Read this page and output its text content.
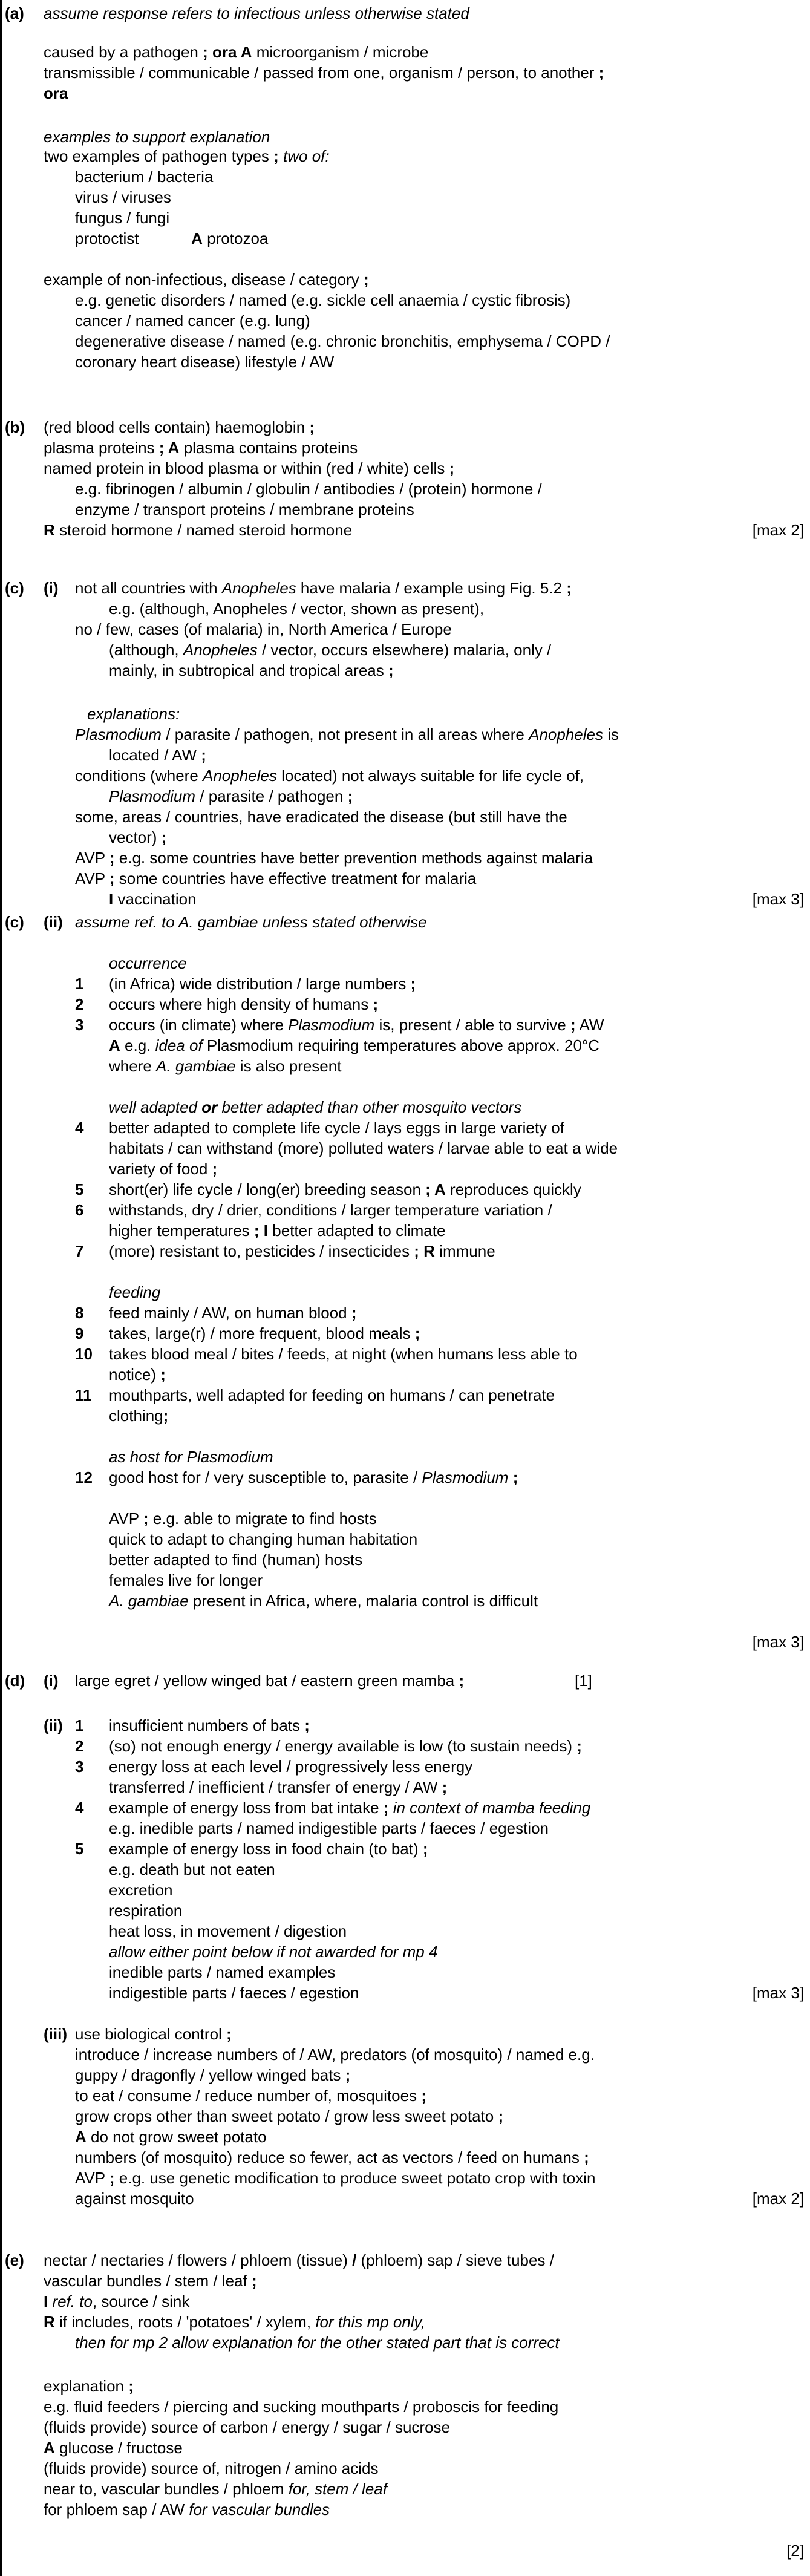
(a) assume response refers to infectious unless otherwise stated
caused by a pathogen ; ora A microorganism / microbe
transmissible / communicable / passed from one, organism / person, to another ;
ora
examples to support explanation
two examples of pathogen types ; two of:
bacterium / bacteria
virus / viruses
fungus / fungi
protoctist            A protozoa
example of non-infectious, disease / category ;
e.g. genetic disorders / named (e.g. sickle cell anaemia / cystic fibrosis)
cancer / named cancer (e.g. lung)
degenerative disease / named (e.g. chronic bronchitis, emphysema / COPD /
coronary heart disease) lifestyle / AW
(b) (red blood cells contain) haemoglobin ;
plasma proteins ; A plasma contains proteins
named protein in blood plasma or within (red / white) cells ;
e.g. fibrinogen / albumin / globulin / antibodies / (protein) hormone /
enzyme / transport proteins / membrane proteins
R steroid hormone / named steroid hormone
(c) (i) not all countries with Anopheles have malaria / example using Fig. 5.2 ;
e.g. (although, Anopheles / vector, shown as present),
no / few, cases (of malaria) in, North America / Europe
(although, Anopheles / vector, occurs elsewhere) malaria, only /
mainly, in subtropical and tropical areas ;
explanations:
Plasmodium / parasite / pathogen, not present in all areas where Anopheles is
located / AW ;
conditions (where Anopheles located) not always suitable for life cycle of,
Plasmodium / parasite / pathogen ;
some, areas / countries, have eradicated the disease (but still have the
vector) ;
AVP ; e.g. some countries have better prevention methods against malaria
AVP ; some countries have effective treatment for malaria
I vaccination
(c) (ii) assume ref. to A. gambiae unless stated otherwise
occurrence
1 (in Africa) wide distribution / large numbers ;
2 occurs where high density of humans ;
3 occurs (in climate) where Plasmodium is, present / able to survive ; AW
A e.g. idea of Plasmodium requiring temperatures above approx. 20°C
where A. gambiae is also present
well adapted or better adapted than other mosquito vectors
4 better adapted to complete life cycle / lays eggs in large variety of
habitats / can withstand (more) polluted waters / larvae able to eat a wide
variety of food ;
5 short(er) life cycle / long(er) breeding season ; A reproduces quickly
6 withstands, dry / drier, conditions / larger temperature variation /
higher temperatures ; I better adapted to climate
7 (more) resistant to, pesticides / insecticides ; R immune
feeding
8 feed mainly / AW, on human blood ;
9 takes, large(r) / more frequent, blood meals ;
10 takes blood meal / bites / feeds, at night (when humans less able to
notice) ;
11 mouthparts, well adapted for feeding on humans / can penetrate
clothing;
as host for Plasmodium
12 good host for / very susceptible to, parasite / Plasmodium ;
AVP ; e.g. able to migrate to find hosts
quick to adapt to changing human habitation
better adapted to find (human) hosts
females live for longer
A. gambiae present in Africa, where, malaria control is difficult
(d) (i) large egret / yellow winged bat / eastern green mamba ;	[1]
(ii) 1 insufficient numbers of bats ;
2 (so) not enough energy / energy available is low (to sustain needs) ;
3 energy loss at each level / progressively less energy
transferred / inefficient / transfer of energy / AW ;
4 example of energy loss from bat intake ; in context of mamba feeding
e.g. inedible parts / named indigestible parts / faeces / egestion
5 example of energy loss in food chain (to bat) ;
e.g. death but not eaten
excretion
respiration
heat loss, in movement / digestion
allow either point below if not awarded for mp 4
inedible parts / named examples
indigestible parts / faeces / egestion
(iii) use biological control ;
introduce / increase numbers of / AW, predators (of mosquito) / named e.g.
guppy / dragonfly / yellow winged bats ;
to eat / consume / reduce number of, mosquitoes ;
grow crops other than sweet potato / grow less sweet potato ;
A do not grow sweet potato
numbers (of mosquito) reduce so fewer, act as vectors / feed on humans ;
AVP ; e.g. use genetic modification to produce sweet potato crop with toxin
against mosquito
(e) nectar / nectaries / flowers / phloem (tissue) / (phloem) sap / sieve tubes /
vascular bundles / stem / leaf ;
I ref. to, source / sink
R if includes, roots / 'potatoes' / xylem, for this mp only,
then for mp 2 allow explanation for the other stated part that is correct
explanation ;
e.g. fluid feeders / piercing and sucking mouthparts / proboscis for feeding
(fluids provide) source of carbon / energy / sugar / sucrose
A glucose / fructose
(fluids provide) source of, nitrogen / amino acids
near to, vascular bundles / phloem for, stem / leaf
for phloem sap / AW for vascular bundles
[max 2]
[max 3]
[max 3]
[max 3]
[max 2]
[2]
